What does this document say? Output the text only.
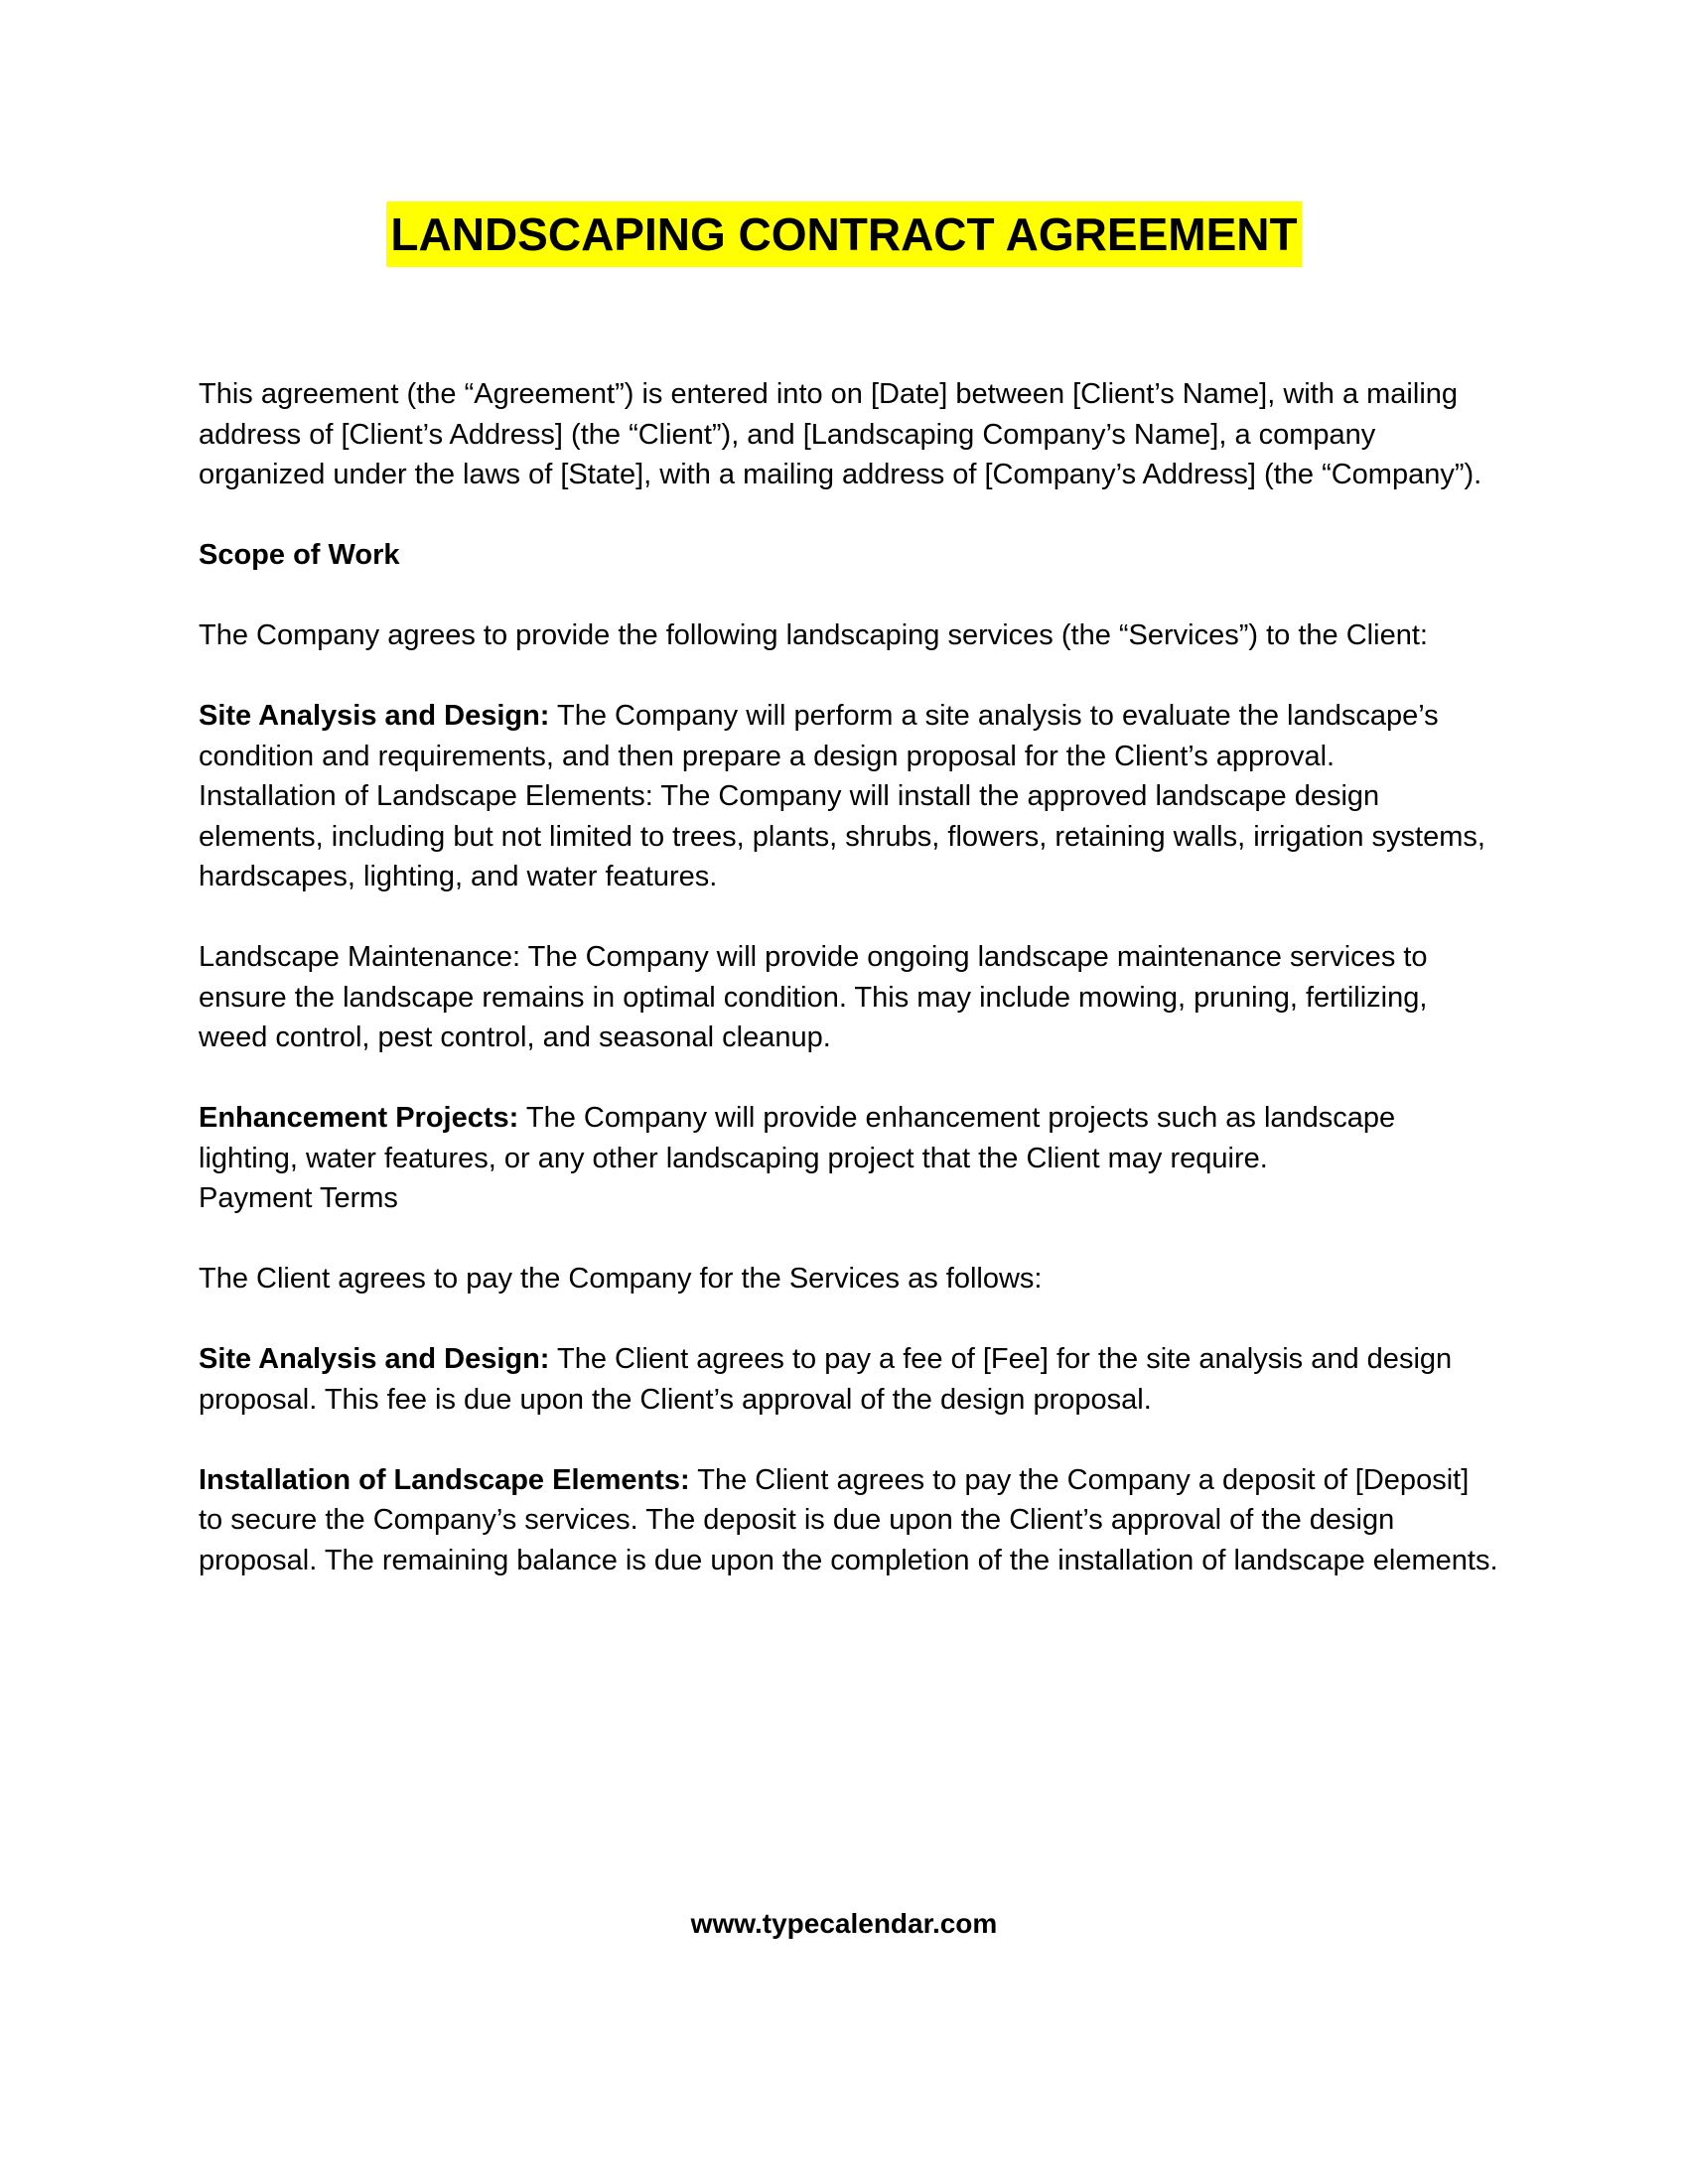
LANDSCAPING CONTRACT AGREEMENT

This agreement (the “Agreement”) is entered into on [Date] between [Client’s Name], with a mailing address of [Client’s Address] (the “Client”), and [Landscaping Company’s Name], a company organized under the laws of [State], with a mailing address of [Company’s Address] (the “Company”).

Scope of Work

The Company agrees to provide the following landscaping services (the “Services”) to the Client:

Site Analysis and Design: The Company will perform a site analysis to evaluate the landscape’s condition and requirements, and then prepare a design proposal for the Client’s approval.

Installation of Landscape Elements: The Company will install the approved landscape design elements, including but not limited to trees, plants, shrubs, flowers, retaining walls, irrigation systems, hardscapes, lighting, and water features.

Landscape Maintenance: The Company will provide ongoing landscape maintenance services to ensure the landscape remains in optimal condition. This may include mowing, pruning, fertilizing, weed control, pest control, and seasonal cleanup.

Enhancement Projects: The Company will provide enhancement projects such as landscape lighting, water features, or any other landscaping project that the Client may require.

Payment Terms

The Client agrees to pay the Company for the Services as follows:

Site Analysis and Design: The Client agrees to pay a fee of [Fee] for the site analysis and design proposal. This fee is due upon the Client’s approval of the design proposal.

Installation of Landscape Elements: The Client agrees to pay the Company a deposit of [Deposit] to secure the Company’s services. The deposit is due upon the Client’s approval of the design proposal. The remaining balance is due upon the completion of the installation of landscape elements.

www.typecalendar.com
